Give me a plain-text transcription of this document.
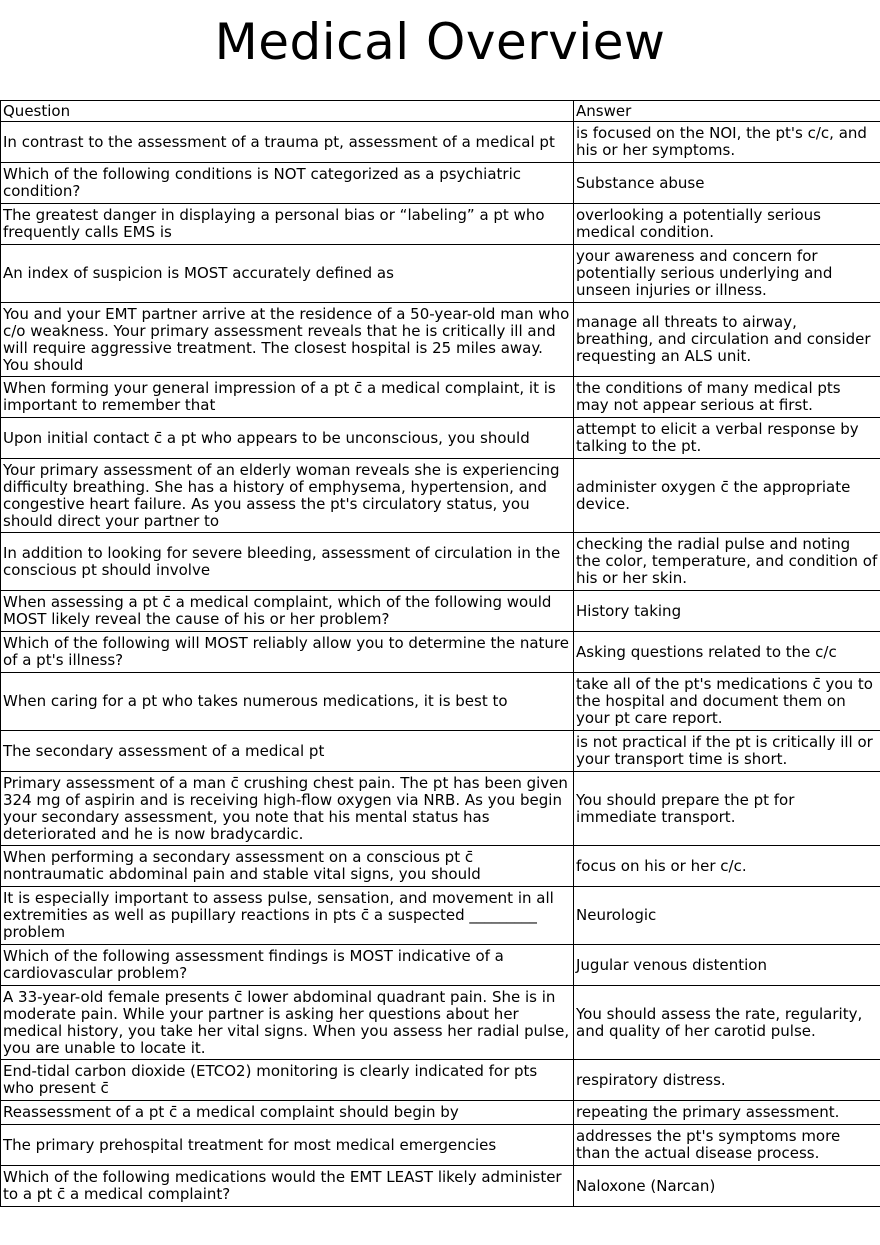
Medical Overview
Question	Answer
In contrast to the assessment of a trauma pt, assessment of a medical pt	is focused on the NOI, the pt's c/c, and his or her symptoms.
Which of the following conditions is NOT categorized as a psychiatric condition?	Substance abuse
The greatest danger in displaying a personal bias or “labeling” a pt who frequently calls EMS is	overlooking a potentially serious medical condition.
An index of suspicion is MOST accurately defined as	your awareness and concern for potentially serious underlying and unseen injuries or illness.
You and your EMT partner arrive at the residence of a 50-year-old man who c/o weakness. Your primary assessment reveals that he is critically ill and will require aggressive treatment. The closest hospital is 25 miles away. You should	manage all threats to airway, breathing, and circulation and consider requesting an ALS unit.
When forming your general impression of a pt c̄ a medical complaint, it is important to remember that	the conditions of many medical pts may not appear serious at first.
Upon initial contact c̄ a pt who appears to be unconscious, you should	attempt to elicit a verbal response by talking to the pt.
Your primary assessment of an elderly woman reveals she is experiencing difficulty breathing. She has a history of emphysema, hypertension, and congestive heart failure. As you assess the pt's circulatory status, you should direct your partner to	administer oxygen c̄ the appropriate device.
In addition to looking for severe bleeding, assessment of circulation in the conscious pt should involve	checking the radial pulse and noting the color, temperature, and condition of his or her skin.
When assessing a pt c̄ a medical complaint, which of the following would MOST likely reveal the cause of his or her problem?	History taking
Which of the following will MOST reliably allow you to determine the nature of a pt's illness?	Asking questions related to the c/c
When caring for a pt who takes numerous medications, it is best to	take all of the pt's medications c̄ you to the hospital and document them on your pt care report.
The secondary assessment of a medical pt	is not practical if the pt is critically ill or your transport time is short.
Primary assessment of a man c̄ crushing chest pain. The pt has been given 324 mg of aspirin and is receiving high-flow oxygen via NRB. As you begin your secondary assessment, you note that his mental status has deteriorated and he is now bradycardic.	You should prepare the pt for immediate transport.
When performing a secondary assessment on a conscious pt c̄ nontraumatic abdominal pain and stable vital signs, you should	focus on his or her c/c.
It is especially important to assess pulse, sensation, and movement in all extremities as well as pupillary reactions in pts c̄ a suspected _________ problem	Neurologic
Which of the following assessment findings is MOST indicative of a cardiovascular problem?	Jugular venous distention
A 33-year-old female presents c̄ lower abdominal quadrant pain. She is in moderate pain. While your partner is asking her questions about her medical history, you take her vital signs. When you assess her radial pulse, you are unable to locate it.	You should assess the rate, regularity, and quality of her carotid pulse.
End-tidal carbon dioxide (ETCO2) monitoring is clearly indicated for pts who present c̄	respiratory distress.
Reassessment of a pt c̄ a medical complaint should begin by	repeating the primary assessment.
The primary prehospital treatment for most medical emergencies	addresses the pt's symptoms more than the actual disease process.
Which of the following medications would the EMT LEAST likely administer to a pt c̄ a medical complaint?	Naloxone (Narcan)
